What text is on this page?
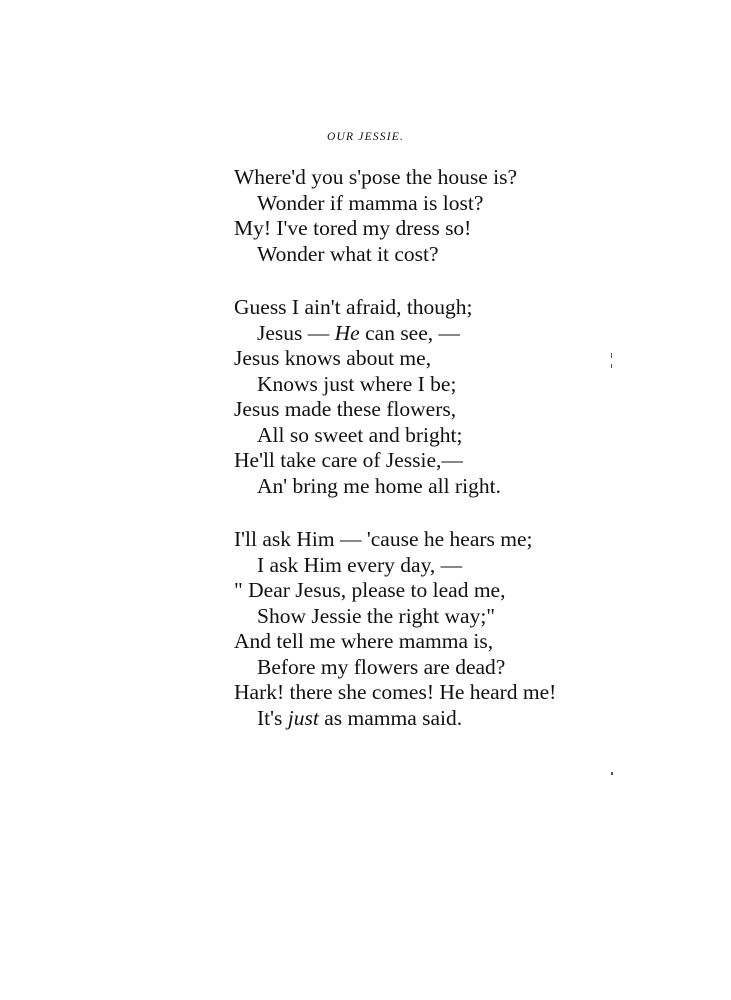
OUR JESSIE.
Where'd you s'pose the house is?
Wonder if mamma is lost?
My! I've tored my dress so!
Wonder what it cost?
Guess I ain't afraid, though;
Jesus — He can see, —
Jesus knows about me,
Knows just where I be;
Jesus made these flowers,
All so sweet and bright;
He'll take care of Jessie,—
An' bring me home all right.
I'll ask Him — 'cause he hears me;
I ask Him every day, —
" Dear Jesus, please to lead me,
Show Jessie the right way;"
And tell me where mamma is,
Before my flowers are dead?
Hark! there she comes! He heard me!
It's just as mamma said.
